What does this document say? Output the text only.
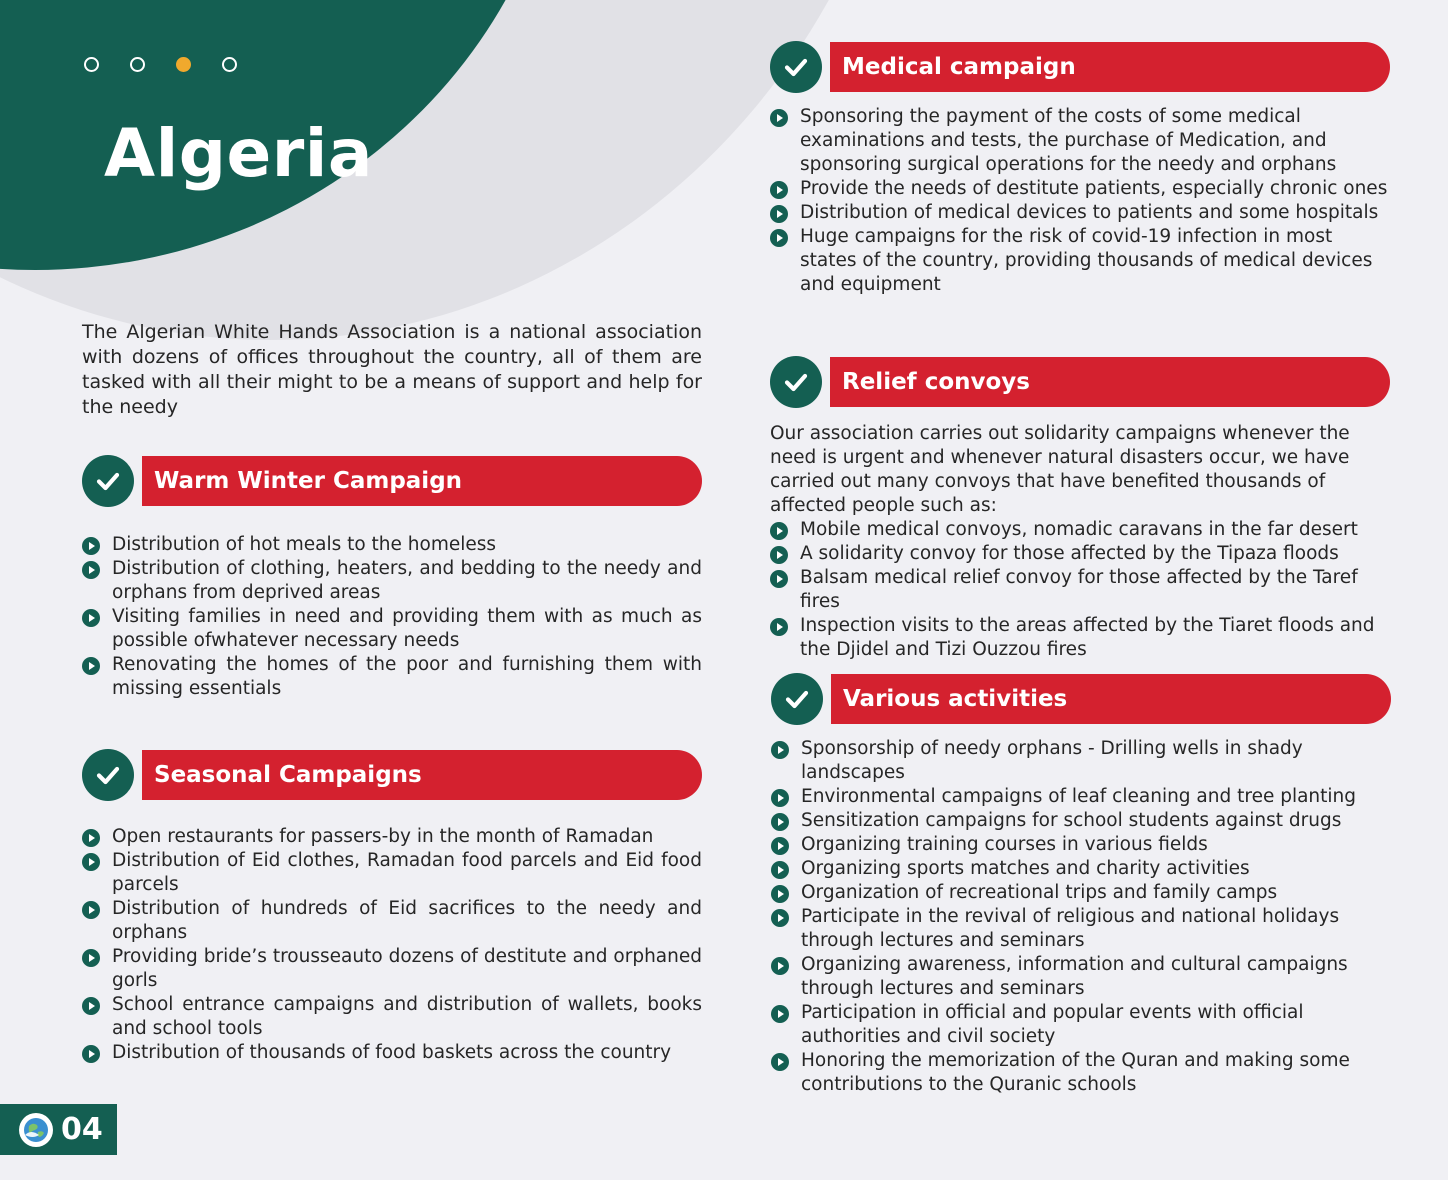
Algeria

The Algerian White Hands Association is a national association with dozens of offices throughout the country, all of them are tasked with all their might to be a means of support and help for the needy

Warm Winter Campaign
Distribution of hot meals to the homeless
Distribution of clothing, heaters, and bedding to the needy and orphans from deprived areas
Visiting families in need and providing them with as much as possible ofwhatever necessary needs
Renovating the homes of the poor and furnishing them with missing essentials
Seasonal Campaigns
Open restaurants for passers-by in the month of Ramadan
Distribution of Eid clothes, Ramadan food parcels and Eid food parcels
Distribution of hundreds of Eid sacrifices to the needy and orphans
Providing bride’s trousseauto dozens of destitute and orphaned gorls
School entrance campaigns and distribution of wallets, books and school tools
Distribution of thousands of food baskets across the country
Medical campaign
Sponsoring the payment of the costs of some medical examinations and tests, the purchase of Medication, and sponsoring surgical operations for the needy and orphans
Provide the needs of destitute patients, especially chronic ones
Distribution of medical devices to patients and some hospitals
Huge campaigns for the risk of covid-19 infection in most states of the country, providing thousands of medical devices and equipment
Relief convoys

Our association carries out solidarity campaigns whenever the need is urgent and whenever natural disasters occur, we have carried out many convoys that have benefited thousands of affected people such as:

Mobile medical convoys, nomadic caravans in the far desert
A solidarity convoy for those affected by the Tipaza floods
Balsam medical relief convoy for those affected by the Taref fires
Inspection visits to the areas affected by the Tiaret floods and the Djidel and Tizi Ouzzou fires
Various activities
Sponsorship of needy orphans - Drilling wells in shady landscapes
Environmental campaigns of leaf cleaning and tree planting
Sensitization campaigns for school students against drugs
Organizing training courses in various fields
Organizing sports matches and charity activities
Organization of recreational trips and family camps
Participate in the revival of religious and national holidays through lectures and seminars
Organizing awareness, information and cultural campaigns through lectures and seminars
Participation in official and popular events with official authorities and civil society
Honoring the memorization of the Quran and making some contributions to the Quranic schools
04
